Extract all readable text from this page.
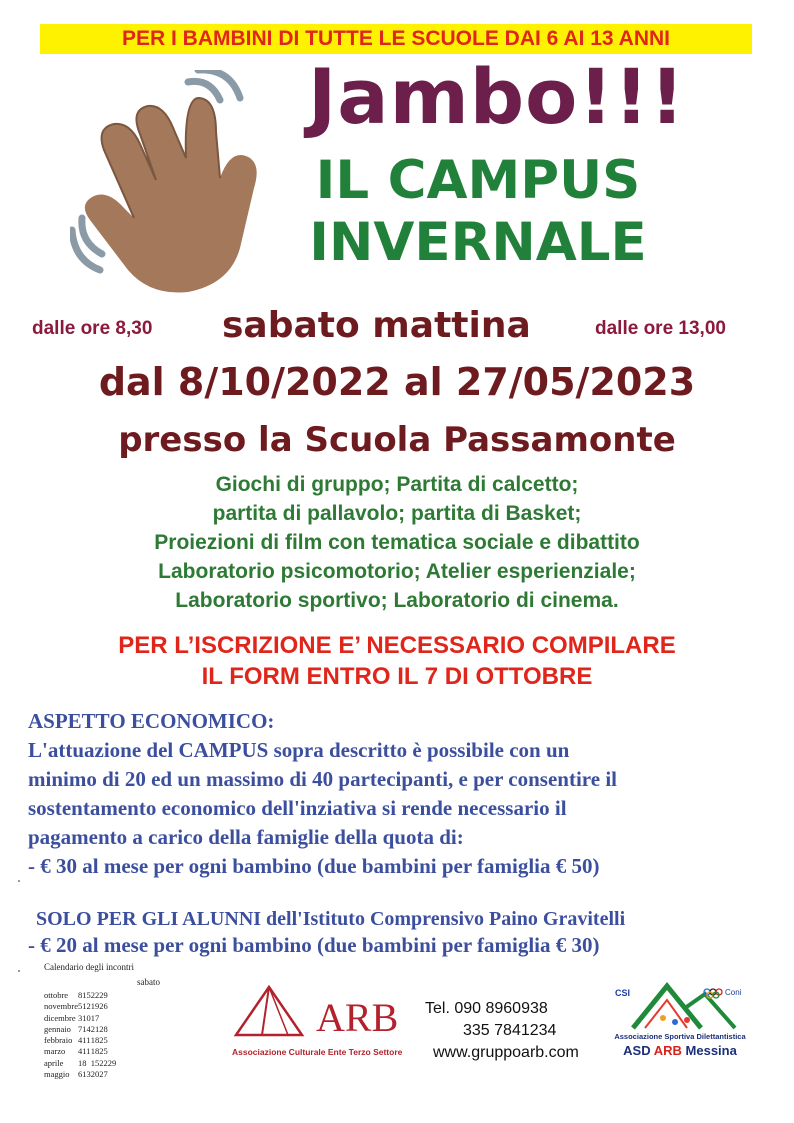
PER I BAMBINI DI TUTTE LE SCUOLE DAI 6 AI 13 ANNI
Jambo!!!
IL CAMPUS
INVERNALE
dalle ore 8,30 sabato mattina	dalle ore 13,00
dal 8/10/2022 al 27/05/2023
presso la Scuola Passamonte
Giochi di gruppo; Partita di calcetto;
partita di pallavolo; partita di Basket;
Proiezioni di film con tematica sociale e dibattito
Laboratorio psicomotorio; Atelier esperienziale;
Laboratorio sportivo; Laboratorio di cinema.
PER L’ISCRIZIONE E’ NECESSARIO COMPILARE
IL FORM ENTRO IL 7 DI OTTOBRE
ASPETTO ECONOMICO:
L'attuazione del CAMPUS sopra descritto è possibile con un
minimo di 20 ed un massimo di 40 partecipanti, e per consentire il
sostentamento economico dell'inziativa si rende necessario il
pagamento a carico della famiglie della quota di:
- € 30 al mese per ogni bambino (due bambini per famiglia € 50)
SOLO PER GLI ALUNNI dell'Istituto Comprensivo Paino Gravitelli
- € 20 al mese per ogni bambino (due bambini per famiglia € 30)
Calendario degli incontri
sabato
ottobre	8	15	22	29	
novembre	5	12	19	26	
dicembre	3	10	17		
gennaio	7	14	21	28	
febbraio	4	11	18	25	
marzo	4	11	18	25	
aprile	1	8	15	22	29
maggio	6	13	20	27	
ARB
Associazione Culturale Ente Terzo Settore
Tel. 090 8960938
335 7841234
www.gruppoarb.com
CSI	Coni
Associazione Sportiva Dilettantistica
ASD ARB Messina
